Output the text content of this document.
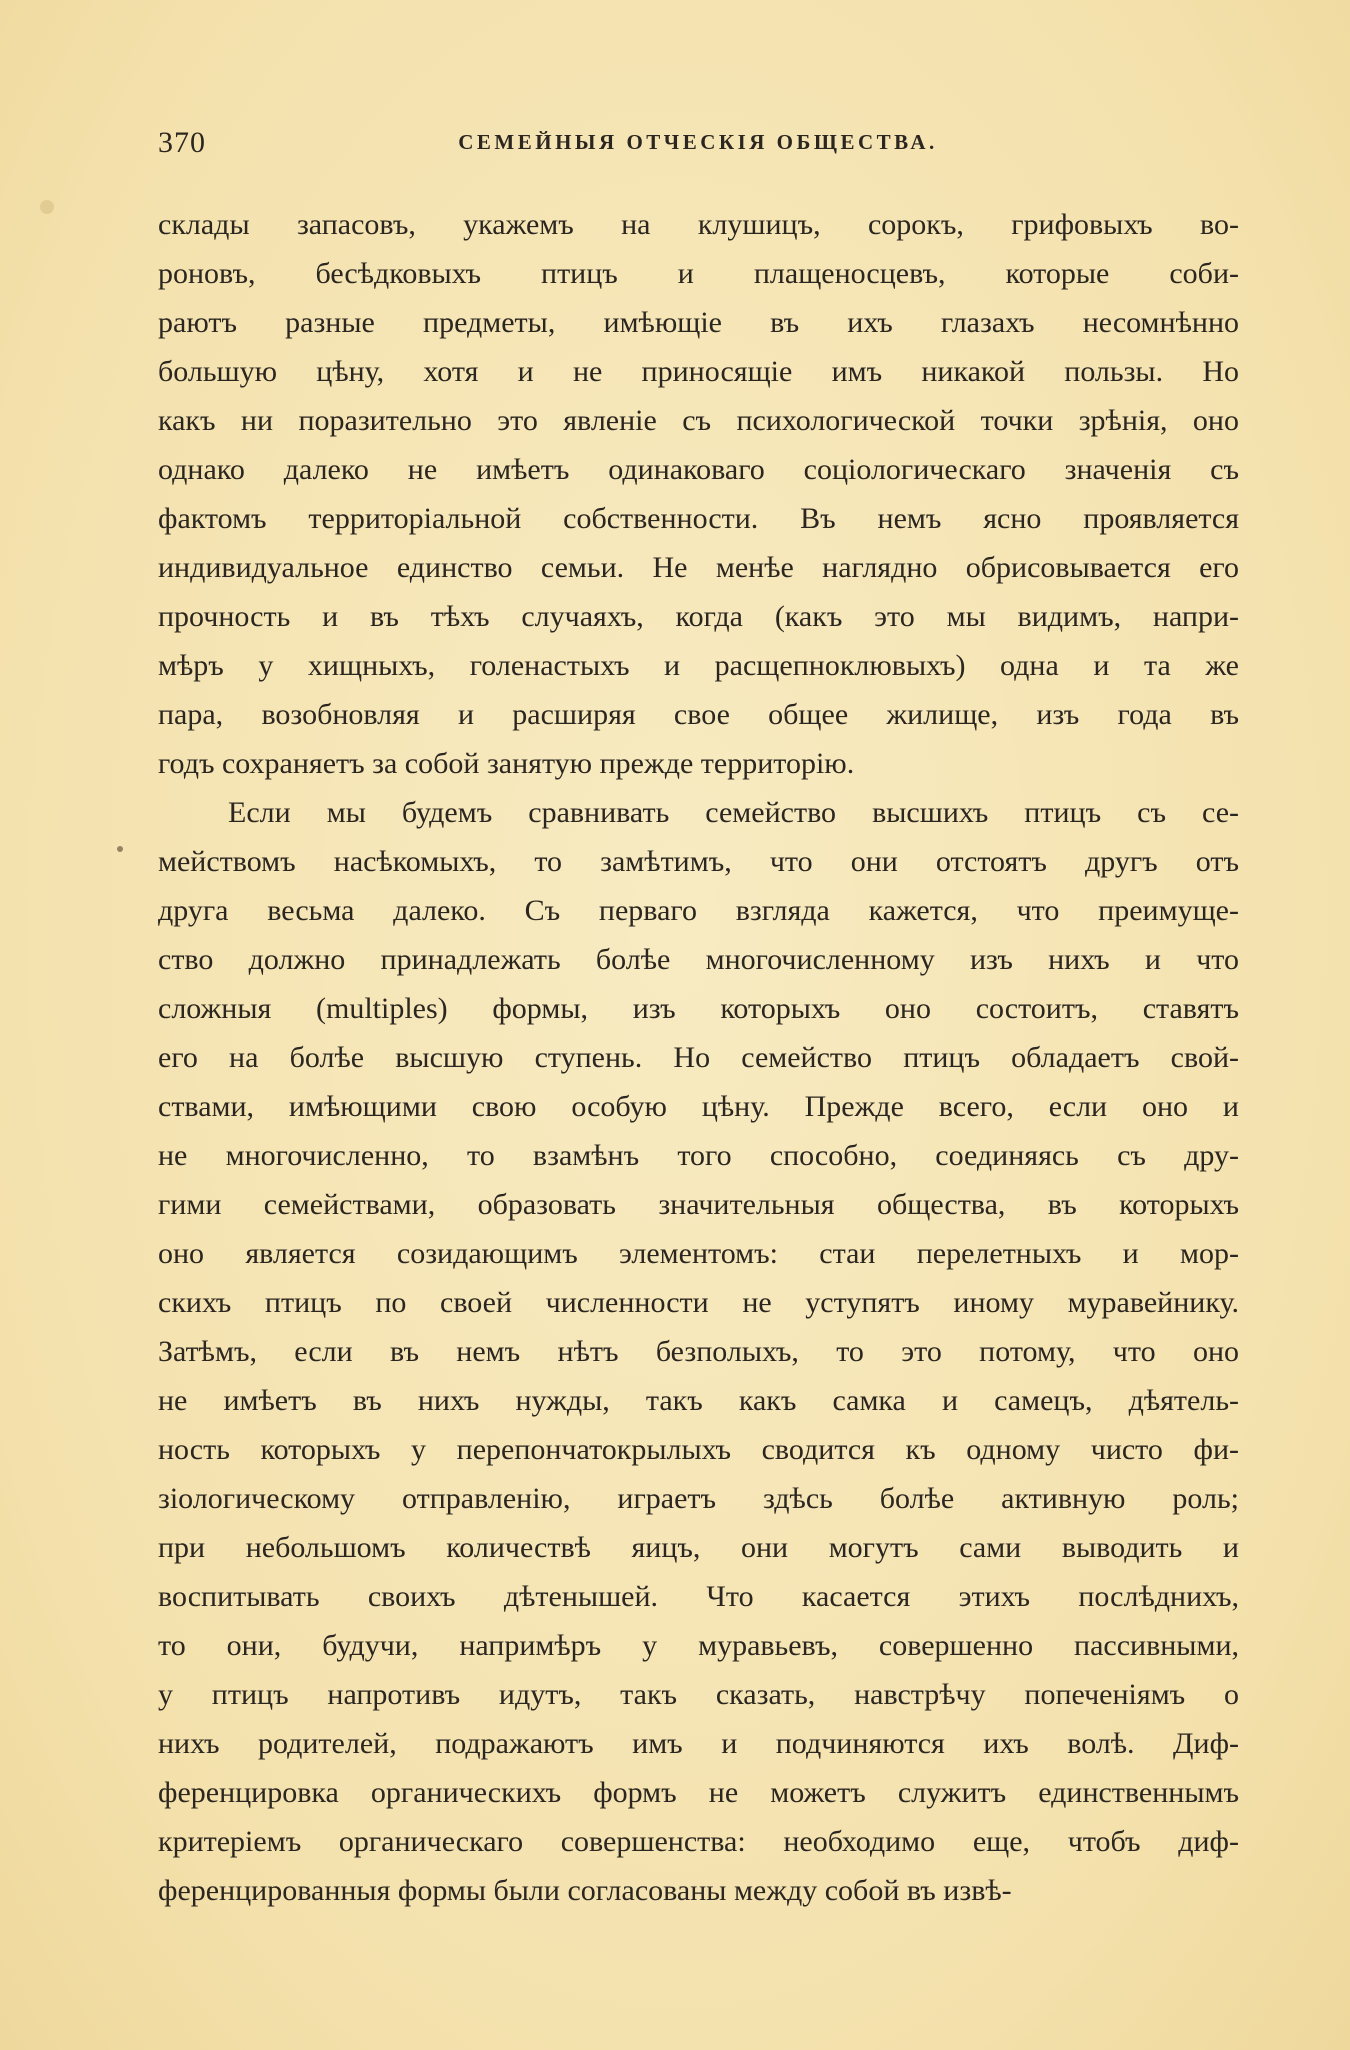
370	СЕМЕЙНЫЯ ОТЧЕСКІЯ ОБЩЕСТВА.

склады запасовъ, укажемъ на клушицъ, сорокъ, грифовыхъ во-
роновъ, бесѣдковыхъ птицъ и плащеносцевъ, которые соби-
раютъ разные предметы, имѣющіе въ ихъ глазахъ несомнѣнно
большую цѣну, хотя и не приносящіе имъ никакой пользы. Но
какъ ни поразительно это явленіе съ психологической точки зрѣнія, оно
однако далеко не имѣетъ одинаковаго соціологическаго значенія съ
фактомъ территоріальной собственности. Въ немъ ясно проявляется
индивидуальное единство семьи. Не менѣе наглядно обрисовывается его
прочность и въ тѣхъ случаяхъ, когда (какъ это мы видимъ, напри-
мѣръ у хищныхъ, голенастыхъ и расщепноклювыхъ) одна и та же
пара, возобновляя и расширяя свое общее жилище, изъ года въ
годъ сохраняетъ за собой занятую прежде территорію.

Если мы будемъ сравнивать семейство высшихъ птицъ съ се-
мействомъ насѣкомыхъ, то замѣтимъ, что они отстоятъ другъ отъ
друга весьма далеко. Съ перваго взгляда кажется, что преимуще-
ство должно принадлежать болѣе многочисленному изъ нихъ и что
сложныя (multiples) формы, изъ которыхъ оно состоитъ, ставятъ
его на болѣе высшую ступень. Но семейство птицъ обладаетъ свой-
ствами, имѣющими свою особую цѣну. Прежде всего, если оно и
не многочисленно, то взамѣнъ того способно, соединяясь съ дру-
гими семействами, образовать значительныя общества, въ которыхъ
оно является созидающимъ элементомъ: стаи перелетныхъ и мор-
скихъ птицъ по своей численности не уступятъ иному муравейнику.
Затѣмъ, если въ немъ нѣтъ безполыхъ, то это потому, что оно
не имѣетъ въ нихъ нужды, такъ какъ самка и самецъ, дѣятель-
ность которыхъ у перепончатокрылыхъ сводится къ одному чисто фи-
зіологическому отправленію, играетъ здѣсь болѣе активную роль;
при небольшомъ количествѣ яицъ, они могутъ сами выводить и
воспитывать своихъ дѣтенышей. Что касается этихъ послѣднихъ,
то они, будучи, напримѣръ у муравьевъ, совершенно пассивными,
у птицъ напротивъ идутъ, такъ сказать, навстрѣчу попеченіямъ о
нихъ родителей, подражаютъ имъ и подчиняются ихъ волѣ. Диф-
ференцировка органическихъ формъ не можетъ служитъ единственнымъ
критеріемъ органическаго совершенства: необходимо еще, чтобъ диф-
ференцированныя формы были согласованы между собой въ извѣ-
